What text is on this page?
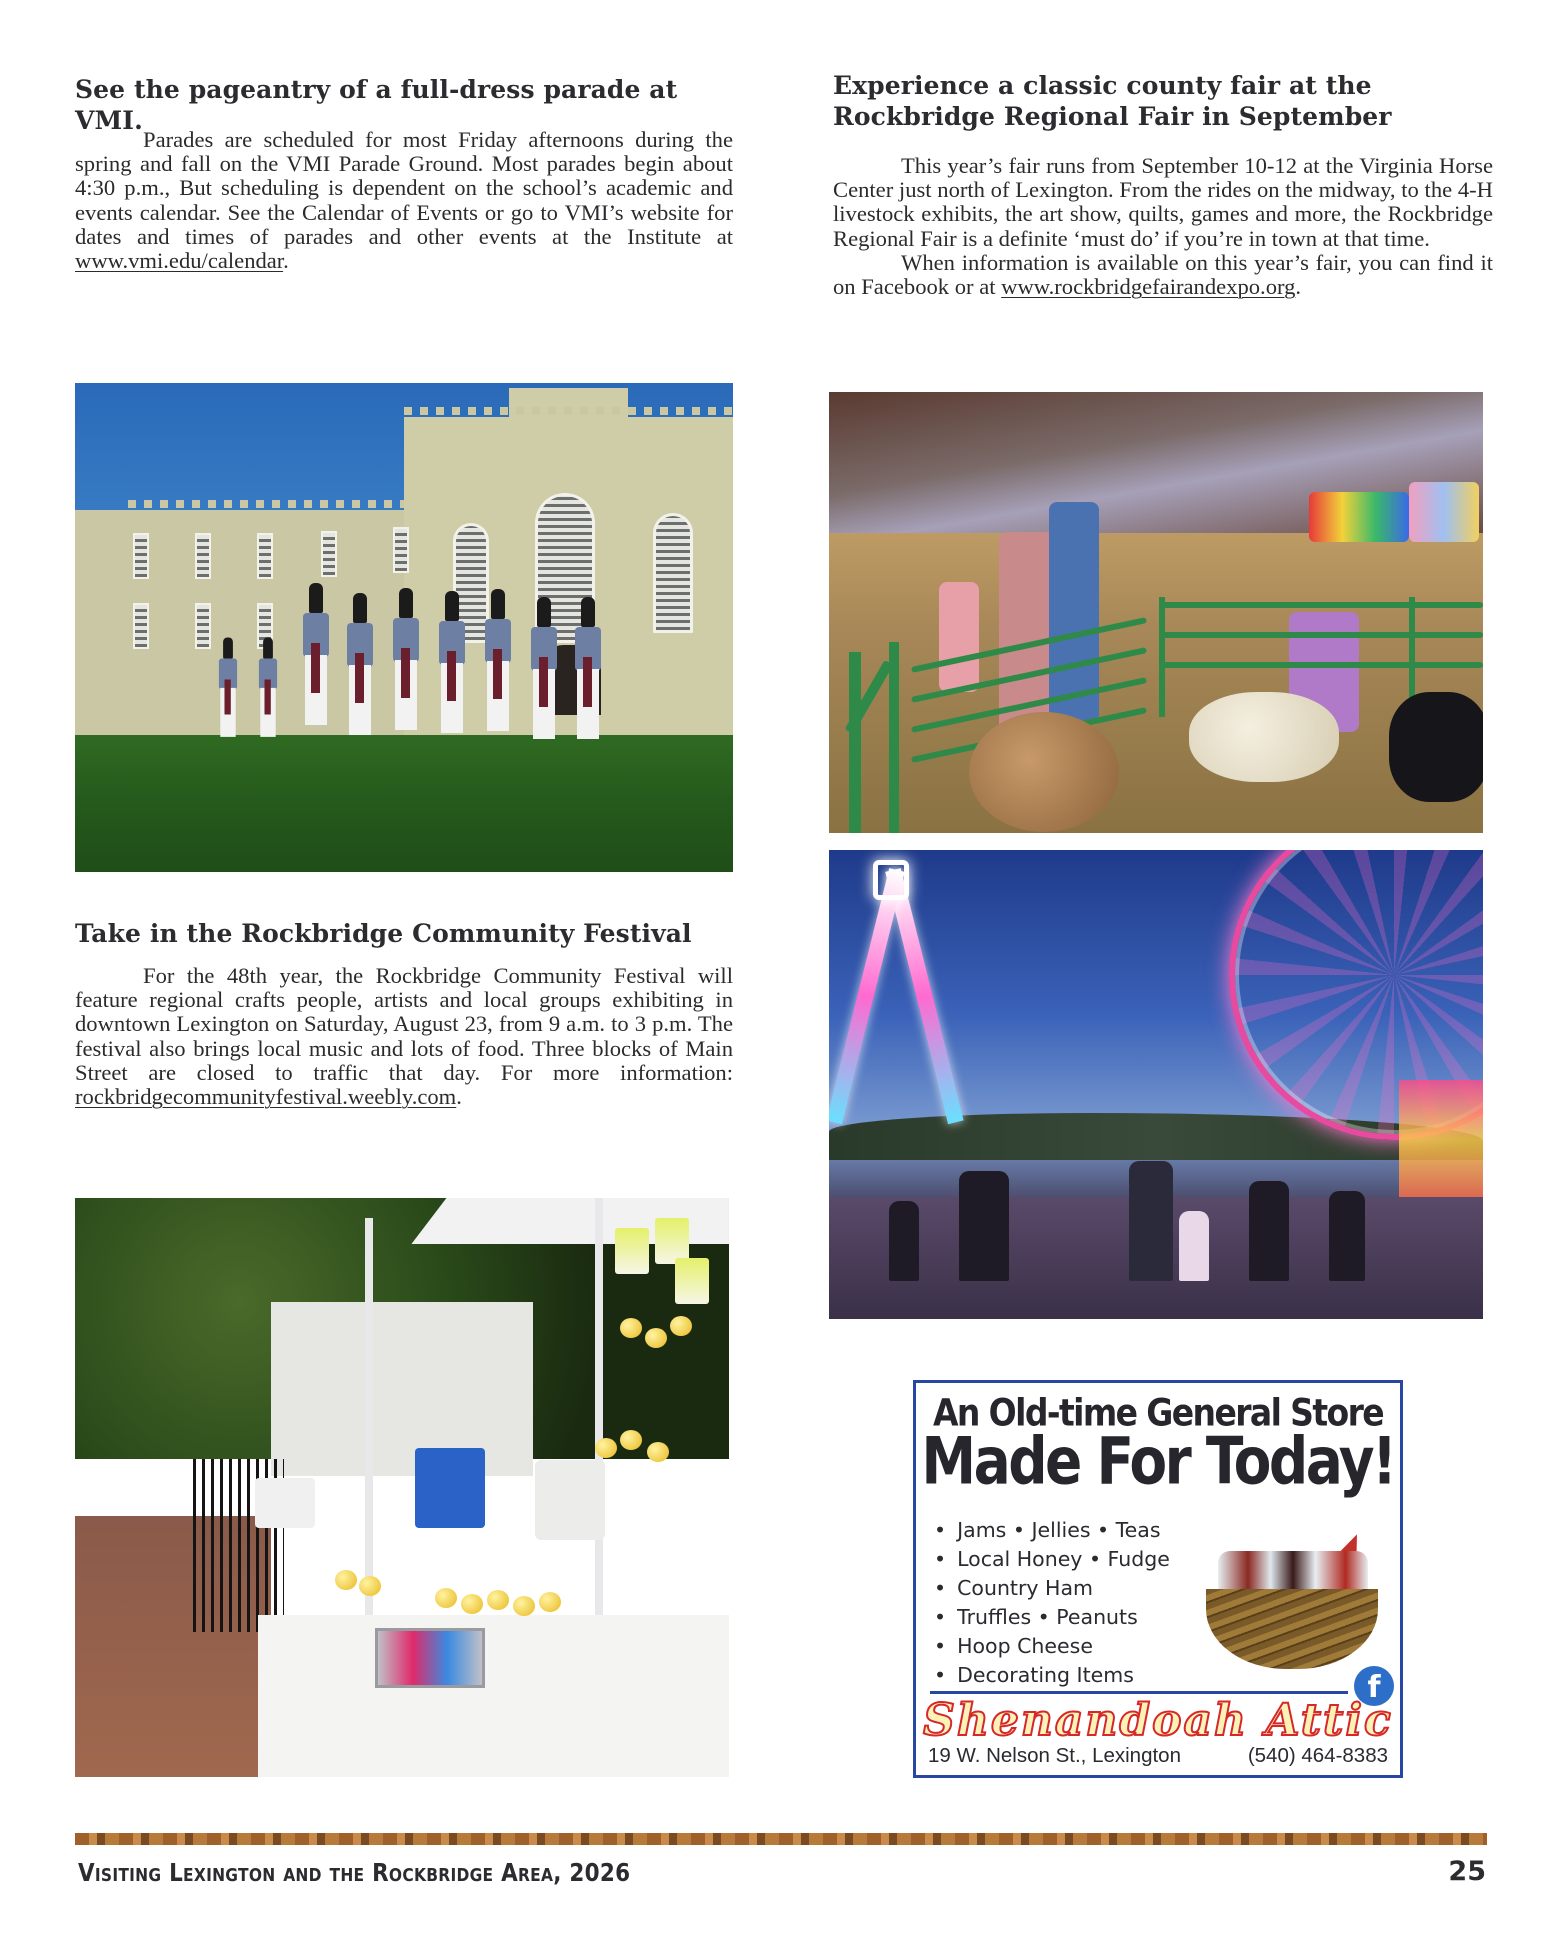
See the pageantry of a full-dress parade at VMI.

Parades are scheduled for most Friday afternoons during the spring and fall on the VMI Parade Ground. Most parades begin about 4:30 p.m., But scheduling is dependent on the school’s academic and events calendar. See the Calendar of Events or go to VMI’s website for dates and times of parades and other events at the Institute at www.vmi.edu/calendar.

Take in the Rockbridge Community Festival

For the 48th year, the Rockbridge Community Festival will feature regional crafts people, artists and local groups exhibiting in downtown Lexington on Saturday, August 23, from 9 a.m. to 3 p.m. The festival also brings local music and lots of food. Three blocks of Main Street are closed to traffic that day. For more information: rockbridgecommunityfestival.weebly.com.

Experience a classic county fair at the Rockbridge Regional Fair in September

This year’s fair runs from September 10-12 at the Virginia Horse Center just north of Lexington. From the rides on the midway, to the 4-H livestock exhibits, the art show, quilts, games and more, the Rockbridge Regional Fair is a definite ‘must do’ if you’re in town at that time.

When information is available on this year’s fair, you can find it on Facebook or at www.rockbridgefairandexpo.org.

An Old-time General Store
Made For Today!
• Jams • Jellies • Teas
• Local Honey • Fudge
• Country Ham
• Truffles • Peanuts
• Hoop Cheese
• Decorating Items	f
Shenandoah Attic
19 W. Nelson St., Lexington	(540) 464-8383
Visiting Lexington and the Rockbridge Area, 2026	25
